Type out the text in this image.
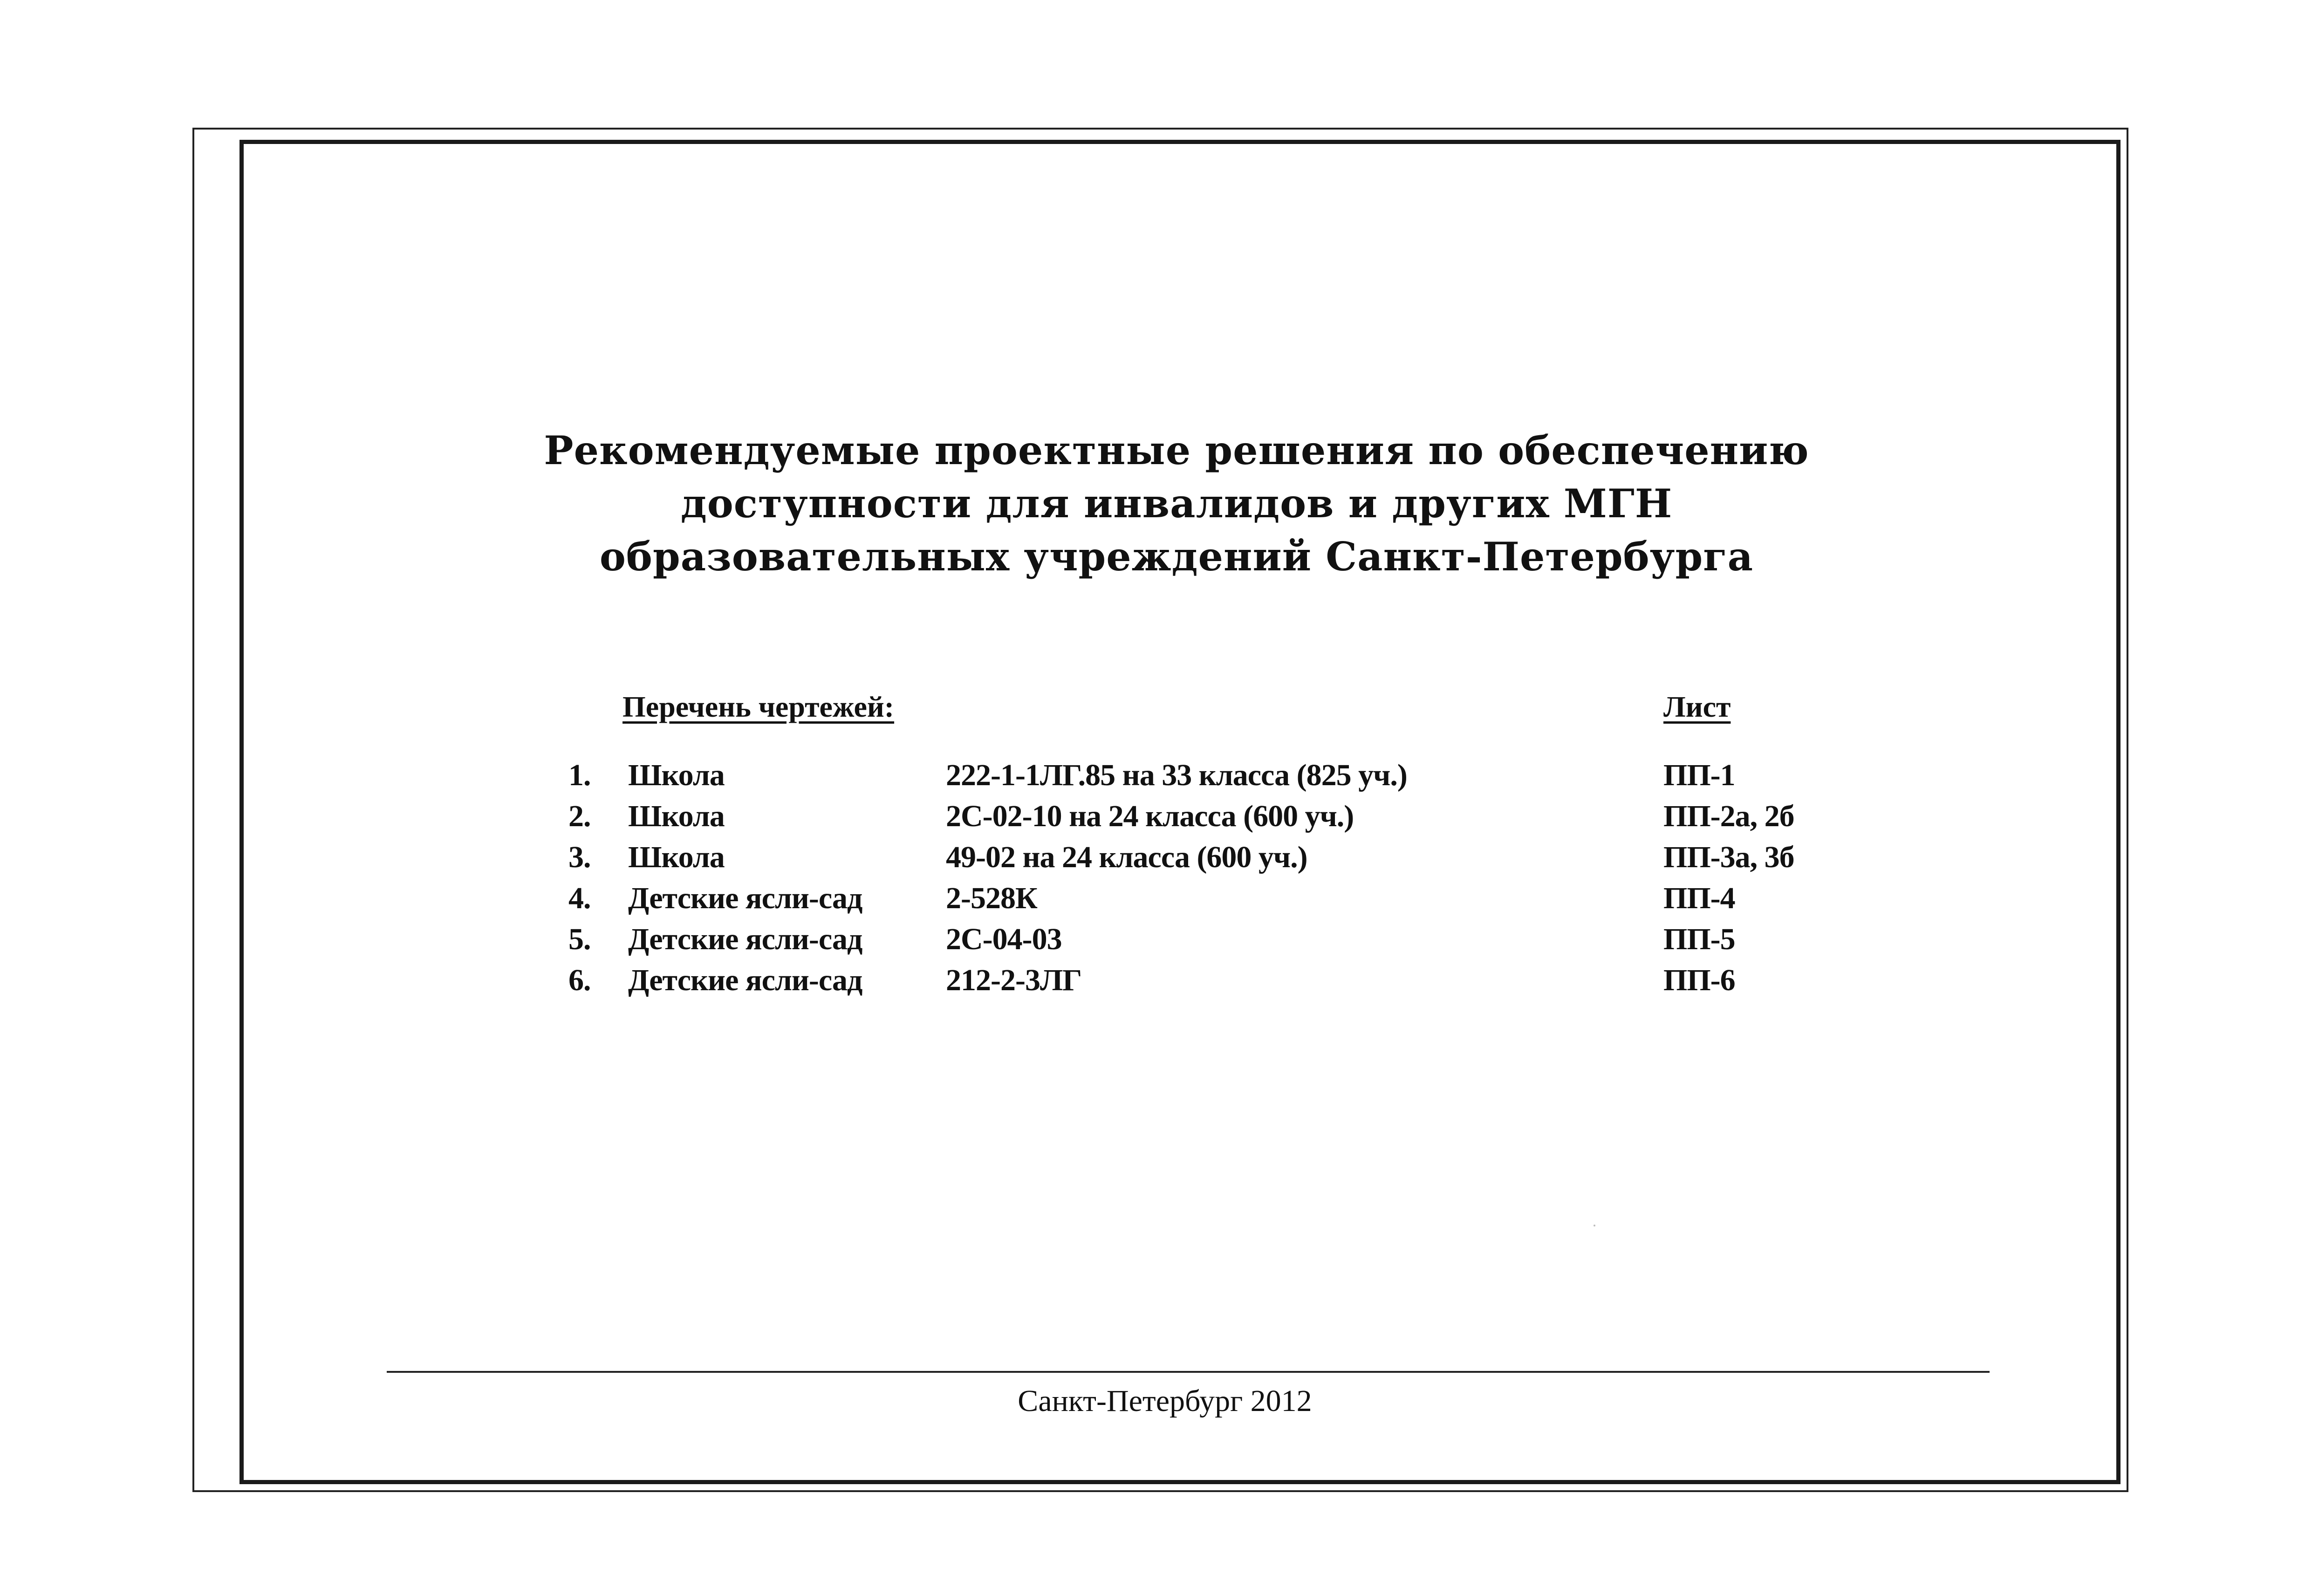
Рекомендуемые проектные решения по обеспечению
доступности для инвалидов и других МГН
образовательных учреждений Санкт-Петербурга
Перечень чертежей:	Лист
1. Школа	222-1-1ЛГ.85 на 33 класса (825 уч.)	ПП-1
2. Школа	2С-02-10 на 24 класса (600 уч.)	ПП-2а, 2б
3. Школа	49-02 на 24 класса (600 уч.)	ПП-3а, 3б
4. Детские ясли-сад	2-528К	ПП-4
5. Детские ясли-сад	2С-04-03	ПП-5
6. Детские ясли-сад	212-2-3ЛГ	ПП-6
Санкт-Петербург 2012
